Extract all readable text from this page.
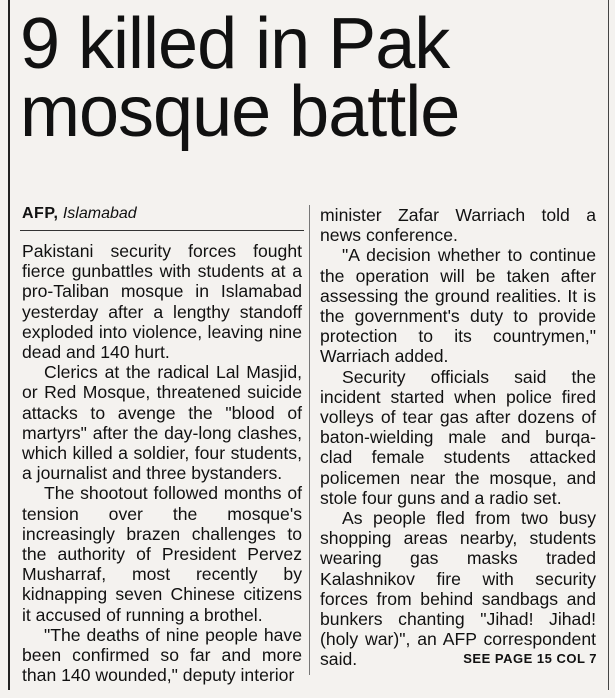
9 killed in Pak
mosque battle
AFP, Islamabad

Pakistani security forces fought fierce gunbattles with students at a pro-Taliban mosque in Islamabad yesterday after a lengthy standoff exploded into violence, leaving nine dead and 140 hurt.

Clerics at the radical Lal Masjid, or Red Mosque, threatened suicide attacks to avenge the "blood of martyrs" after the day-long clashes, which killed a soldier, four students, a journalist and three bystanders.

The shootout followed months of tension over the mosque's increasingly brazen challenges to the authority of President Pervez Musharraf, most recently by kidnapping seven Chinese citizens it accused of running a brothel.

"The deaths of nine people have been confirmed so far and more than 140 wounded," deputy interior

minister Zafar Warriach told a news conference.

"A decision whether to continue the operation will be taken after assessing the ground realities. It is the government's duty to provide protection to its countrymen," Warriach added.

Security officials said the incident started when police fired volleys of tear gas after dozens of baton-wielding male and burqa-clad female students attacked policemen near the mosque, and stole four guns and a radio set.

As people fled from two busy shopping areas nearby, students wearing gas masks traded Kalashnikov fire with security forces from behind sandbags and bunkers chanting "Jihad! Jihad! (holy war)", an AFP correspondent said.	SEE PAGE 15 COL 7
